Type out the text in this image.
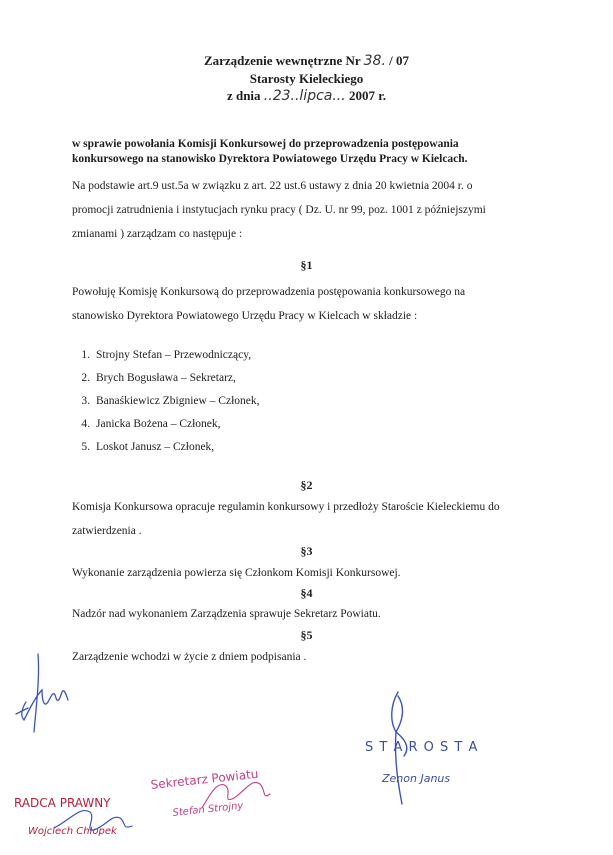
Zarządzenie wewnętrzne Nr 38. / 07
Starosty Kieleckiego
z dnia ..23..lipca... 2007 r.
w sprawie powołania Komisji Konkursowej do przeprowadzenia postępowania
konkursowego na stanowisko Dyrektora Powiatowego Urzędu Pracy w Kielcach.
Na podstawie art.9 ust.5a w związku z art. 22 ust.6 ustawy z dnia 20 kwietnia 2004 r. o
promocji zatrudnienia i instytucjach rynku pracy ( Dz. U. nr 99, poz. 1001 z późniejszymi
zmianami ) zarządzam co następuje :
§1
Powołuję Komisję Konkursową do przeprowadzenia postępowania konkursowego na
stanowisko Dyrektora Powiatowego Urzędu Pracy w Kielcach w składzie :
1. Strojny Stefan – Przewodniczący,
2. Brych Bogusława – Sekretarz,
3. Banaśkiewicz Zbigniew – Członek,
4. Janicka Bożena – Członek,
5. Loskot Janusz – Członek,
§2
Komisja Konkursowa opracuje regulamin konkursowy i przedłoży Staroście Kieleckiemu do
zatwierdzenia .
§3
Wykonanie zarządzenia powierza się Członkom Komisji Konkursowej.
§4
Nadzór nad wykonaniem Zarządzenia sprawuje Sekretarz Powiatu.
§5
Zarządzenie wchodzi w życie z dniem podpisania .
S T A R O S T A
Zenon Janus
RADCA PRAWNY
Wojciech Chłopek
Sekretarz Powiatu
Stefan Strojny
